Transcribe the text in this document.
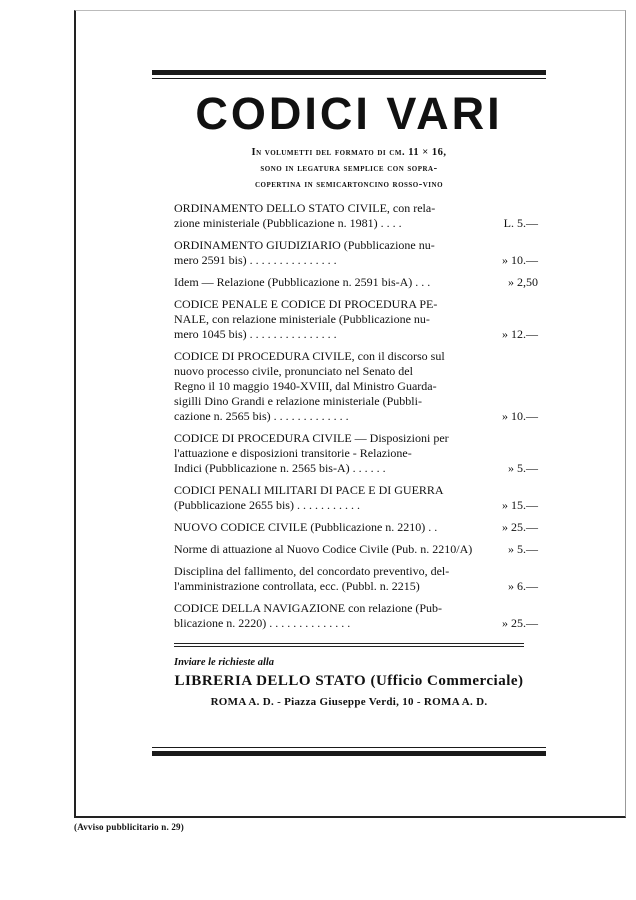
CODICI VARI
In volumetti del formato di cm. 11 × 16,
sono in legatura semplice con sopra-
copertina in semicartoncino rosso-vino
ORDINAMENTO DELLO STATO CIVILE, con rela-
zione ministeriale (Pubblicazione n. 1981) . . . .	L. 5.—
ORDINAMENTO GIUDIZIARIO (Pubblicazione nu-
mero 2591 bis) . . . . . . . . . . . . . . .	» 10.—
Idem — Relazione (Pubblicazione n. 2591 bis-A) . . .	» 2,50
CODICE PENALE E CODICE DI PROCEDURA PE-
NALE, con relazione ministeriale (Pubblicazione nu-
mero 1045 bis) . . . . . . . . . . . . . . .	» 12.—
CODICE DI PROCEDURA CIVILE, con il discorso sul
nuovo processo civile, pronunciato nel Senato del
Regno il 10 maggio 1940-XVIII, dal Ministro Guarda-
sigilli Dino Grandi e relazione ministeriale (Pubbli-
cazione n. 2565 bis) . . . . . . . . . . . . .	» 10.—
CODICE DI PROCEDURA CIVILE — Disposizioni per
l'attuazione e disposizioni transitorie - Relazione-
Indici (Pubblicazione n. 2565 bis-A) . . . . . .	» 5.—
CODICI PENALI MILITARI DI PACE E DI GUERRA
(Pubblicazione 2655 bis) . . . . . . . . . . .	» 15.—
NUOVO CODICE CIVILE (Pubblicazione n. 2210) . .	» 25.—
Norme di attuazione al Nuovo Codice Civile (Pub. n. 2210/A)	» 5.—
Disciplina del fallimento, del concordato preventivo, del-
l'amministrazione controllata, ecc. (Pubbl. n. 2215)	» 6.—
CODICE DELLA NAVIGAZIONE con relazione (Pub-
blicazione n. 2220) . . . . . . . . . . . . . .	» 25.—
Inviare le richieste alla
LIBRERIA DELLO STATO (Ufficio Commerciale)
ROMA A. D. - Piazza Giuseppe Verdi, 10 - ROMA A. D.
(Avviso pubblicitario n. 29)
